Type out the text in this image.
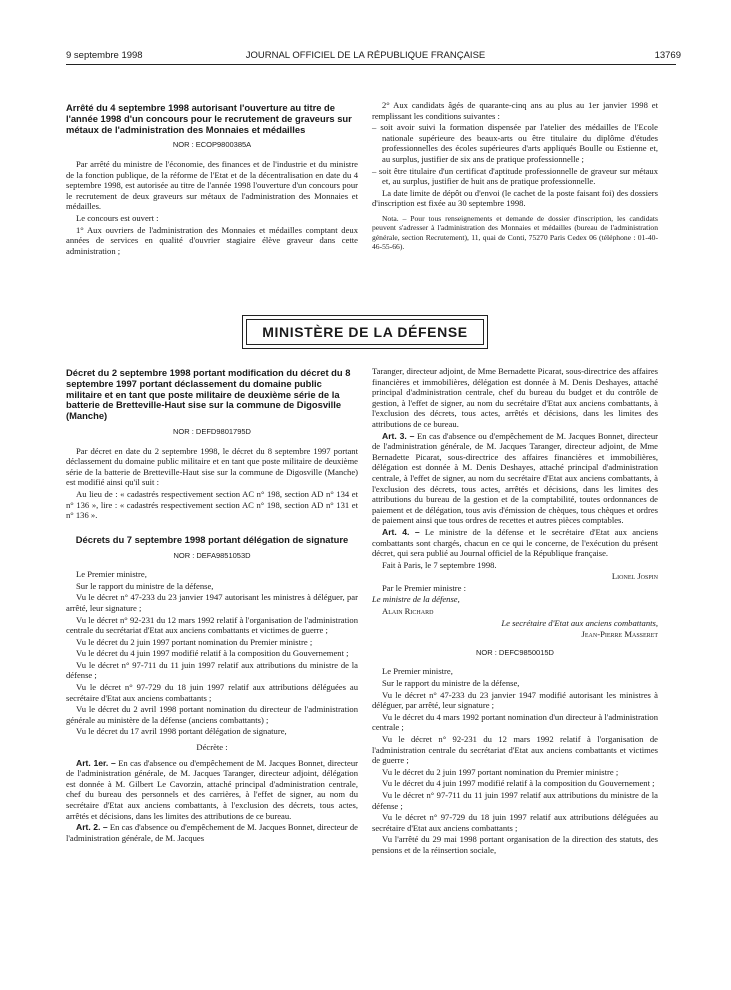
9 septembre 1998	JOURNAL OFFICIEL DE LA RÉPUBLIQUE FRANÇAISE	13769
Arrêté du 4 septembre 1998 autorisant l'ouverture au titre de l'année 1998 d'un concours pour le recrutement de graveurs sur métaux de l'administration des Monnaies et médailles
NOR : ECOP9800385A

Par arrêté du ministre de l'économie, des finances et de l'industrie et du ministre de la fonction publique, de la réforme de l'Etat et de la décentralisation en date du 4 septembre 1998, est autorisée au titre de l'année 1998 l'ouverture d'un concours pour le recrutement de deux graveurs sur métaux de l'administration des Monnaies et médailles.

Le concours est ouvert :

1° Aux ouvriers de l'administration des Monnaies et médailles comptant deux années de services en qualité d'ouvrier stagiaire élève graveur dans cette administration ;

2° Aux candidats âgés de quarante-cinq ans au plus au 1er janvier 1998 et remplissant les conditions suivantes :

– soit avoir suivi la formation dispensée par l'atelier des médailles de l'Ecole nationale supérieure des beaux-arts ou être titulaire du diplôme d'études professionnelles des écoles supérieures d'arts appliqués Boulle ou Estienne et, au surplus, justifier de six ans de pratique professionnelle ;

– soit être titulaire d'un certificat d'aptitude professionnelle de graveur sur métaux et, au surplus, justifier de huit ans de pratique professionnelle.

La date limite de dépôt ou d'envoi (le cachet de la poste faisant foi) des dossiers d'inscription est fixée au 30 septembre 1998.

Nota. – Pour tous renseignements et demande de dossier d'inscription, les candidats peuvent s'adresser à l'administration des Monnaies et médailles (bureau de l'administration générale, section Recrutement), 11, quai de Conti, 75270 Paris Cedex 06 (téléphone : 01-40-46-55-66).

MINISTÈRE DE LA DÉFENSE
Décret du 2 septembre 1998 portant modification du décret du 8 septembre 1997 portant déclassement du domaine public militaire et en tant que poste militaire de deuxième série de la batterie de Bretteville-Haut sise sur la commune de Digosville (Manche)
NOR : DEFD9801795D

Par décret en date du 2 septembre 1998, le décret du 8 septembre 1997 portant déclassement du domaine public militaire et en tant que poste militaire de deuxième série de la batterie de Bretteville-Haut sise sur la commune de Digosville (Manche) est modifié ainsi qu'il suit :

Au lieu de : « cadastrés respectivement section AC n° 198, section AD n° 134 et n° 136 », lire : « cadastrés respectivement section AC n° 198, section AD n° 131 et n° 136 ».

Décrets du 7 septembre 1998 portant délégation de signature
NOR : DEFA9851053D

Le Premier ministre,

Sur le rapport du ministre de la défense,

Vu le décret n° 47-233 du 23 janvier 1947 autorisant les ministres à déléguer, par arrêté, leur signature ;

Vu le décret n° 92-231 du 12 mars 1992 relatif à l'organisation de l'administration centrale du secrétariat d'Etat aux anciens combattants et victimes de guerre ;

Vu le décret du 2 juin 1997 portant nomination du Premier ministre ;

Vu le décret du 4 juin 1997 modifié relatif à la composition du Gouvernement ;

Vu le décret n° 97-711 du 11 juin 1997 relatif aux attributions du ministre de la défense ;

Vu le décret n° 97-729 du 18 juin 1997 relatif aux attributions déléguées au secrétaire d'Etat aux anciens combattants ;

Vu le décret du 2 avril 1998 portant nomination du directeur de l'administration générale au ministère de la défense (anciens combattants) ;

Vu le décret du 17 avril 1998 portant délégation de signature,

Décrète :

Art. 1er. – En cas d'absence ou d'empêchement de M. Jacques Bonnet, directeur de l'administration générale, de M. Jacques Taranger, directeur adjoint, délégation est donnée à M. Gilbert Le Cavorzin, attaché principal d'administration centrale, chef du bureau des personnels et des carrières, à l'effet de signer, au nom du secrétaire d'Etat aux anciens combattants, à l'exclusion des décrets, tous actes, arrêtés et décisions, dans les limites des attributions de ce bureau.

Art. 2. – En cas d'absence ou d'empêchement de M. Jacques Bonnet, directeur de l'administration générale, de M. Jacques

Taranger, directeur adjoint, de Mme Bernadette Picarat, sous-directrice des affaires financières et immobilières, délégation est donnée à M. Denis Deshayes, attaché principal d'administration centrale, chef du bureau du budget et du contrôle de gestion, à l'effet de signer, au nom du secrétaire d'Etat aux anciens combattants, à l'exclusion des décrets, tous actes, arrêtés et décisions, dans les limites des attributions de ce bureau.

Art. 3. – En cas d'absence ou d'empêchement de M. Jacques Bonnet, directeur de l'administration générale, de M. Jacques Taranger, directeur adjoint, de Mme Bernadette Picarat, sous-directrice des affaires financières et immobilières, délégation est donnée à M. Denis Deshayes, attaché principal d'administration centrale, à l'effet de signer, au nom du secrétaire d'Etat aux anciens combattants, à l'exclusion des décrets, tous actes, arrêtés et décisions, dans les limites des attributions du bureau de la gestion et de la comptabilité, toutes ordonnances de paiement et de délégation, tous avis d'émission de chèques, tous chèques et ordres de paiement ainsi que tous ordres de recettes et autres pièces comptables.

Art. 4. – Le ministre de la défense et le secrétaire d'Etat aux anciens combattants sont chargés, chacun en ce qui le concerne, de l'exécution du présent décret, qui sera publié au Journal officiel de la République française.

Fait à Paris, le 7 septembre 1998.

Lionel Jospin

Par le Premier ministre :

Le ministre de la défense,

Alain Richard

Le secrétaire d'Etat aux anciens combattants,

Jean-Pierre Masseret

NOR : DEFC9850015D

Le Premier ministre,

Sur le rapport du ministre de la défense,

Vu le décret n° 47-233 du 23 janvier 1947 modifié autorisant les ministres à déléguer, par arrêté, leur signature ;

Vu le décret du 4 mars 1992 portant nomination d'un directeur à l'administration centrale ;

Vu le décret n° 92-231 du 12 mars 1992 relatif à l'organisation de l'administration centrale du secrétariat d'Etat aux anciens combattants et victimes de guerre ;

Vu le décret du 2 juin 1997 portant nomination du Premier ministre ;

Vu le décret du 4 juin 1997 modifié relatif à la composition du Gouvernement ;

Vu le décret n° 97-711 du 11 juin 1997 relatif aux attributions du ministre de la défense ;

Vu le décret n° 97-729 du 18 juin 1997 relatif aux attributions déléguées au secrétaire d'Etat aux anciens combattants ;

Vu l'arrêté du 29 mai 1998 portant organisation de la direction des statuts, des pensions et de la réinsertion sociale,
